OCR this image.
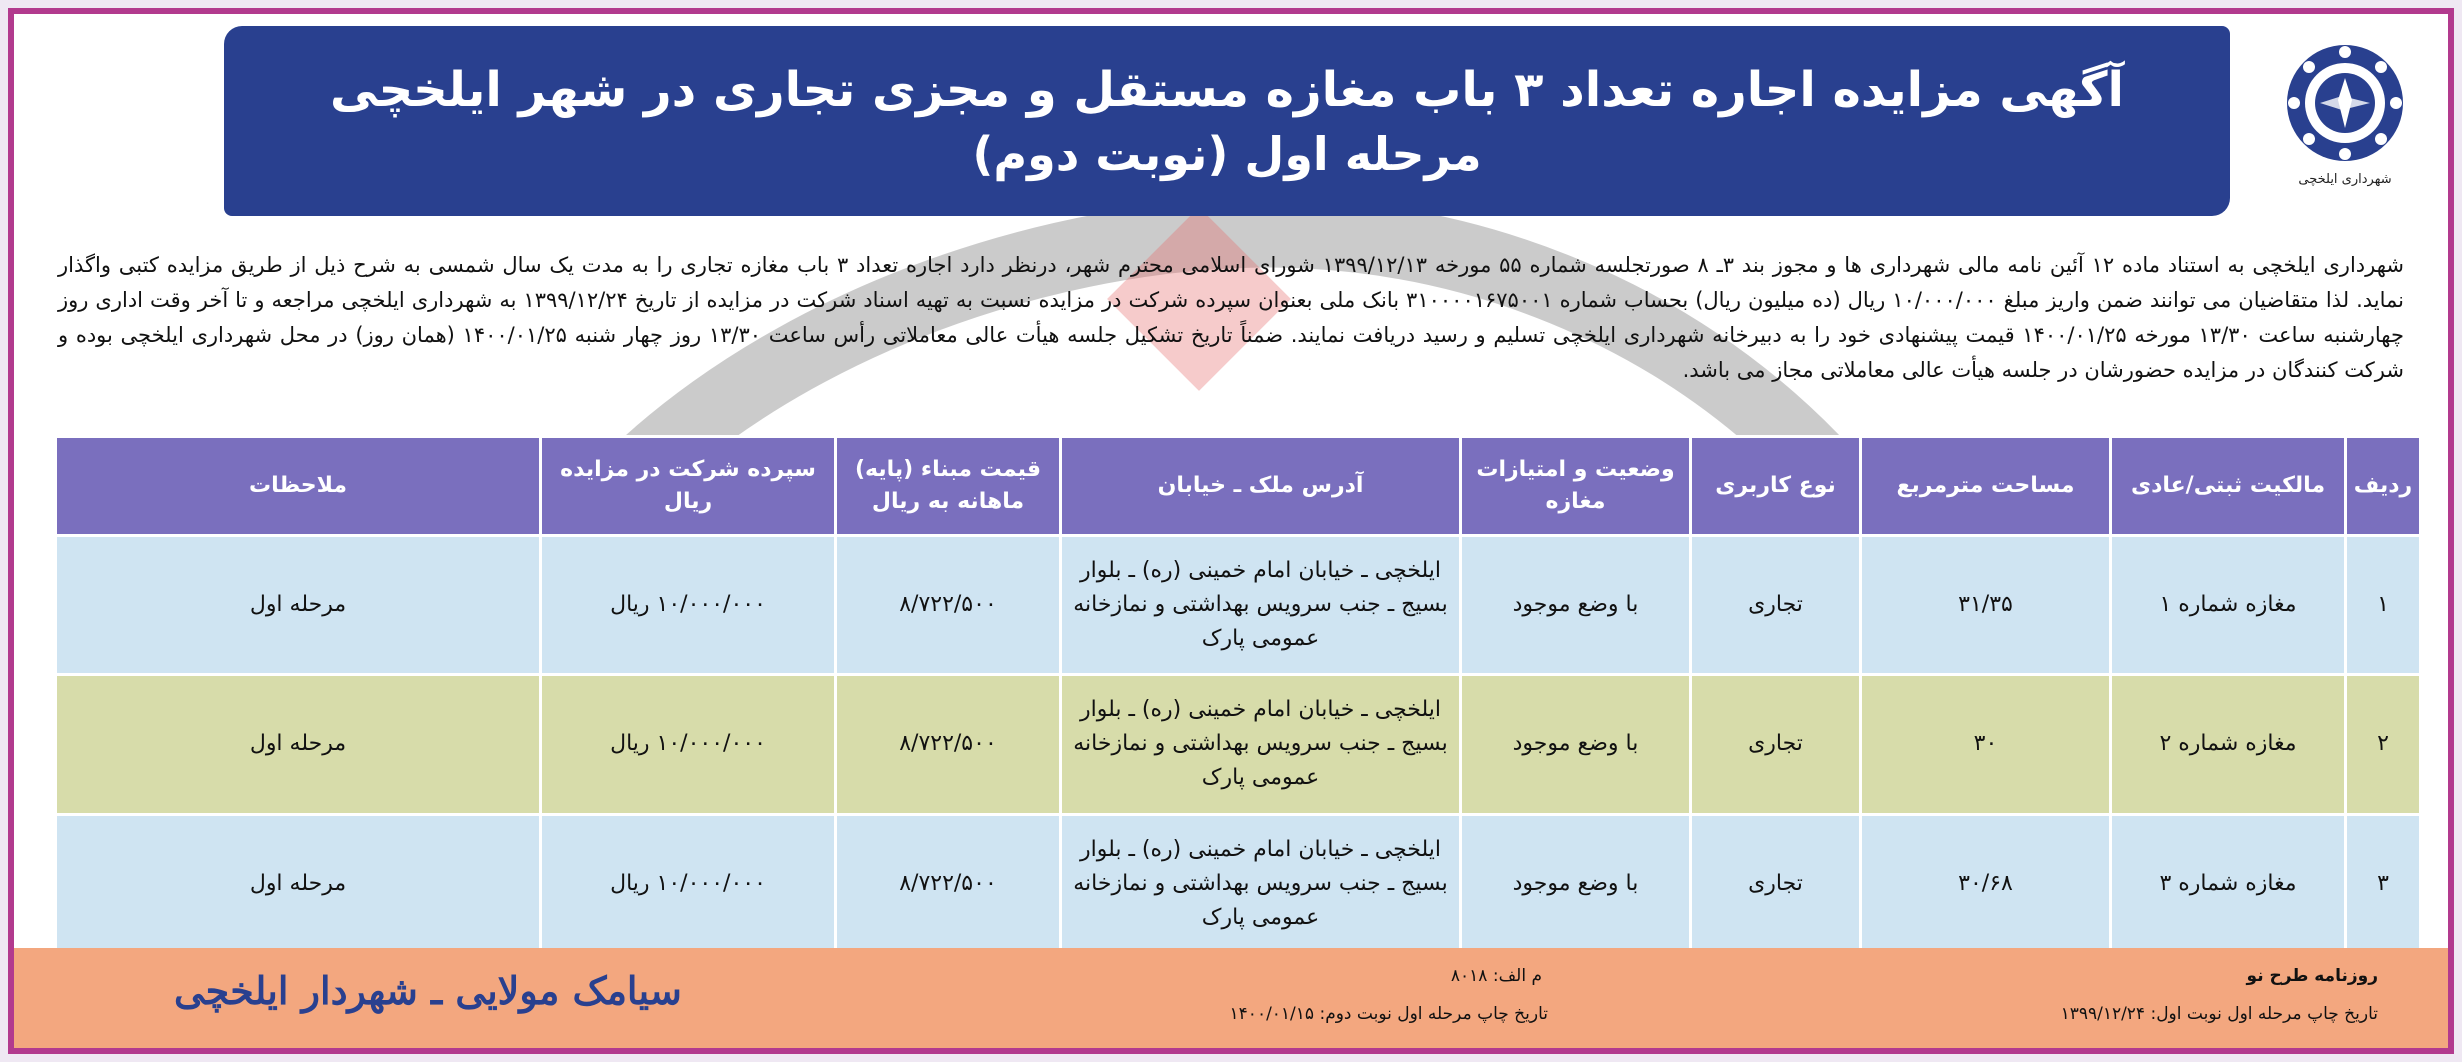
آگهی مزایده اجاره تعداد ۳ باب مغازه مستقل و مجزی تجاری در شهر ایلخچی
مرحله اول (نوبت دوم)	شهرداری ایلخچی
شهرداری ایلخچی به استناد ماده ۱۲ آئین نامه مالی شهرداری ها و مجوز بند ۳ـ ۸ صورتجلسه شماره ۵۵ مورخه ۱۳۹۹/۱۲/۱۳ شورای اسلامی محترم شهر، درنظر دارد اجاره تعداد ۳ باب مغازه تجاری را به مدت یک سال شمسی به شرح ذیل از طریق مزایده کتبی واگذار نماید. لذا متقاضیان می توانند ضمن واریز مبلغ ۱۰/۰۰۰/۰۰۰ ریال (ده میلیون ریال) بحساب شماره ۳۱۰۰۰۰۱۶۷۵۰۰۱ بانک ملی بعنوان سپرده شرکت در مزایده نسبت به تهیه اسناد شرکت در مزایده از تاریخ ۱۳۹۹/۱۲/۲۴ به شهرداری ایلخچی مراجعه و تا آخر وقت اداری روز چهارشنبه ساعت ۱۳/۳۰ مورخه ۱۴۰۰/۰۱/۲۵ قیمت پیشنهادی خود را به دبیرخانه شهرداری ایلخچی تسلیم و رسید دریافت نمایند. ضمناً تاریخ تشکیل جلسه هیأت عالی معاملاتی رأس ساعت ۱۳/۳۰ روز چهار شنبه ۱۴۰۰/۰۱/۲۵ (همان روز) در محل شهرداری ایلخچی بوده و شرکت کنندگان در مزایده حضورشان در جلسه هیأت عالی معاملاتی مجاز می باشد.
ردیف	مالکیت ثبتی/عادی	مساحت مترمربع	نوع کاربری	وضعیت و امتیازات مغازه	آدرس ملک ـ خیابان	قیمت مبناء (پایه) ماهانه به ریال	سپرده شرکت در مزایده ریال	ملاحظات
۱	مغازه شماره ۱	۳۱/۳۵	تجاری	با وضع موجود	ایلخچی ـ خیابان امام خمینی (ره) ـ بلوار بسیج ـ جنب سرویس بهداشتی و نمازخانه عمومی پارک	۸/۷۲۲/۵۰۰	۱۰/۰۰۰/۰۰۰ ریال	مرحله اول
۲	مغازه شماره ۲	۳۰	تجاری	با وضع موجود	ایلخچی ـ خیابان امام خمینی (ره) ـ بلوار بسیج ـ جنب سرویس بهداشتی و نمازخانه عمومی پارک	۸/۷۲۲/۵۰۰	۱۰/۰۰۰/۰۰۰ ریال	مرحله اول
۳	مغازه شماره ۳	۳۰/۶۸	تجاری	با وضع موجود	ایلخچی ـ خیابان امام خمینی (ره) ـ بلوار بسیج ـ جنب سرویس بهداشتی و نمازخانه عمومی پارک	۸/۷۲۲/۵۰۰	۱۰/۰۰۰/۰۰۰ ریال	مرحله اول
روزنامه طرح نو
تاریخ چاپ مرحله اول نوبت اول: ۱۳۹۹/۱۲/۲۴
م الف: ۸۰۱۸
تاریخ چاپ مرحله اول نوبت دوم: ۱۴۰۰/۰۱/۱۵
سیامک مولایی ـ شهردار ایلخچی
